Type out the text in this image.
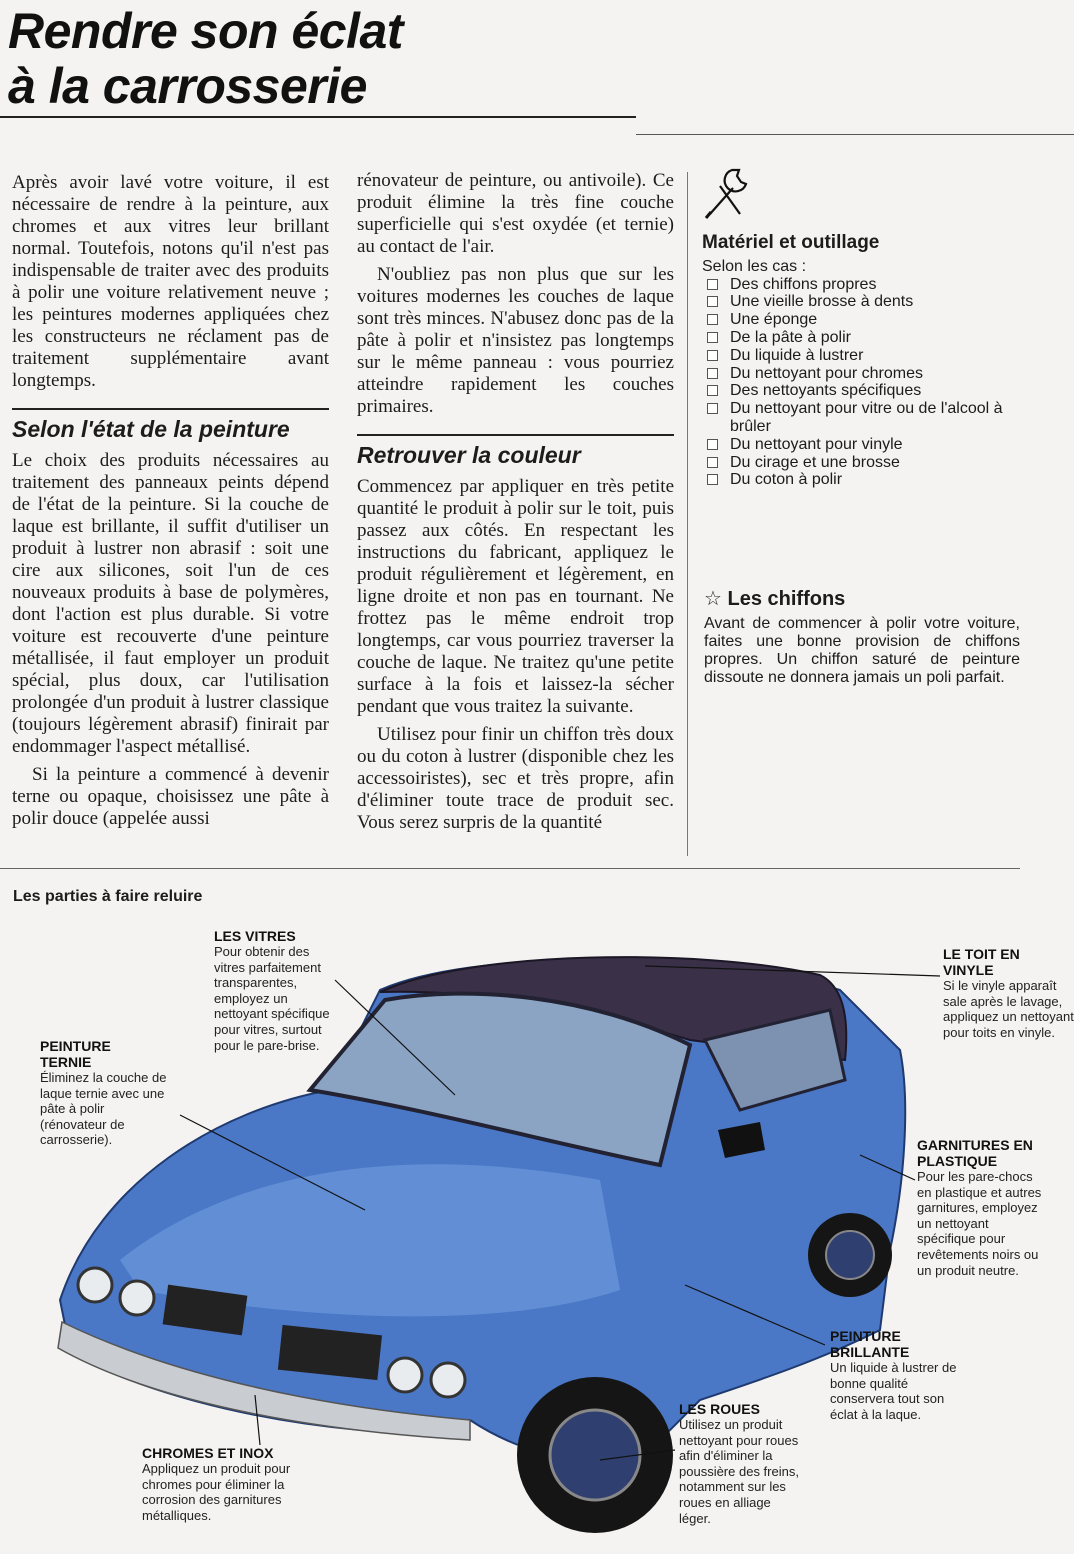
Rendre son éclat
à la carrosserie

Après avoir lavé votre voiture, il est nécessaire de rendre à la peinture, aux chromes et aux vitres leur brillant normal. Toutefois, notons qu'il n'est pas indispensable de traiter avec des produits à polir une voiture relativement neuve ; les peintures modernes appliquées chez les constructeurs ne réclament pas de traitement supplémentaire avant longtemps.

Selon l'état de la peinture

Le choix des produits nécessaires au traitement des panneaux peints dépend de l'état de la peinture. Si la couche de laque est brillante, il suffit d'utiliser un produit à lustrer non abrasif : soit une cire aux silicones, soit l'un de ces nouveaux produits à base de polymères, dont l'action est plus durable. Si votre voiture est recouverte d'une peinture métallisée, il faut employer un produit spécial, plus doux, car l'utilisation prolongée d'un produit à lustrer classique (toujours légèrement abrasif) finirait par endommager l'aspect métallisé.

Si la peinture a commencé à devenir terne ou opaque, choisissez une pâte à polir douce (appelée aussi

rénovateur de peinture, ou antivoile). Ce produit élimine la très fine couche superficielle qui s'est oxydée (et ternie) au contact de l'air.

N'oubliez pas non plus que sur les voitures modernes les couches de laque sont très minces. N'abusez donc pas de la pâte à polir et n'insistez pas longtemps sur le même panneau : vous pourriez atteindre rapidement les couches primaires.

Retrouver la couleur

Commencez par appliquer en très petite quantité le produit à polir sur le toit, puis passez aux côtés. En respectant les instructions du fabricant, appliquez le produit régulièrement et légèrement, en ligne droite et non pas en tournant. Ne frottez pas le même endroit trop longtemps, car vous pourriez traverser la couche de laque. Ne traitez qu'une petite surface à la fois et laissez-la sécher pendant que vous traitez la suivante.

Utilisez pour finir un chiffon très doux ou du coton à lustrer (disponible chez les accessoiristes), sec et très propre, afin d'éliminer toute trace de produit sec. Vous serez surpris de la quantité

Matériel et outillage
Selon les cas :
Des chiffons propres
Une vieille brosse à dents
Une éponge
De la pâte à polir
Du liquide à lustrer
Du nettoyant pour chromes
Des nettoyants spécifiques
Du nettoyant pour vitre ou de l'alcool à brûler
Du nettoyant pour vinyle
Du cirage et une brosse
Du coton à polir
☆ Les chiffons
Avant de commencer à polir votre voiture, faites une bonne provision de chiffons propres. Un chiffon saturé de peinture dissoute ne donnera jamais un poli parfait.
Les parties à faire reluire
LES VITRES
Pour obtenir des vitres parfaitement transparentes, employez un nettoyant spécifique pour vitres, surtout pour le pare-brise.
LE TOIT EN VINYLE
Si le vinyle apparaît sale après le lavage, appliquez un nettoyant pour toits en vinyle.
PEINTURE TERNIE
Éliminez la couche de laque ternie avec une pâte à polir (rénovateur de carrosserie).	GARNITURES EN PLASTIQUE
Pour les pare-chocs en plastique et autres garnitures, employez un nettoyant spécifique pour revêtements noirs ou un produit neutre.
PEINTURE BRILLANTE
Un liquide à lustrer de bonne qualité conservera tout son éclat à la laque.
LES ROUES
Utilisez un produit nettoyant pour roues afin d'éliminer la poussière des freins, notamment sur les roues en alliage léger.
CHROMES ET INOX
Appliquez un produit pour chromes pour éliminer la corrosion des garnitures métalliques.
